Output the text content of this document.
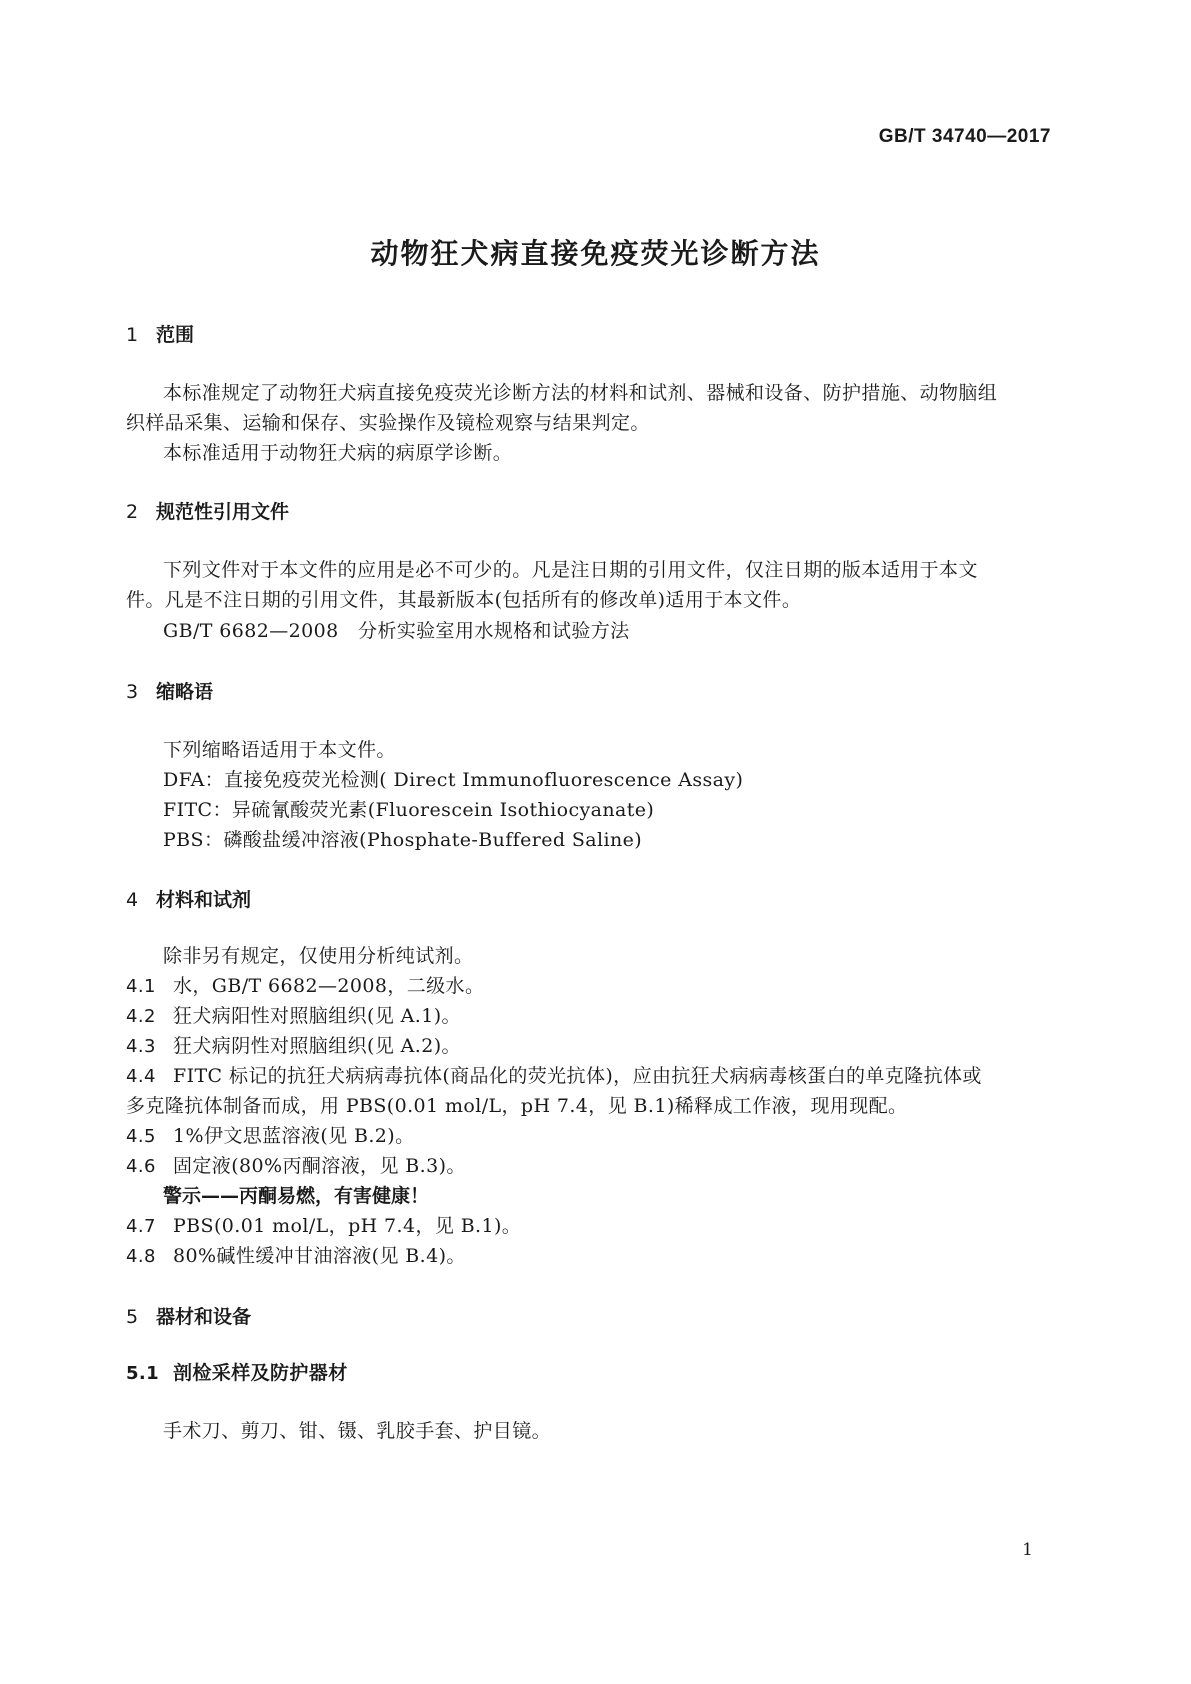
GB/T 34740—2017
动物狂犬病直接免疫荧光诊断方法
1 范围
本标准规定了动物狂犬病直接免疫荧光诊断方法的材料和试剂、器械和设备、防护措施、动物脑组
织样品采集、运输和保存、实验操作及镜检观察与结果判定。
本标准适用于动物狂犬病的病原学诊断。
2 规范性引用文件
下列文件对于本文件的应用是必不可少的。凡是注日期的引用文件，仅注日期的版本适用于本文
件。凡是不注日期的引用文件，其最新版本(包括所有的修改单)适用于本文件。
GB/T 6682—2008　分析实验室用水规格和试验方法
3 缩略语
下列缩略语适用于本文件。
DFA：直接免疫荧光检测( Direct Immunofluorescence Assay)
FITC：异硫氰酸荧光素(Fluorescein Isothiocyanate)
PBS：磷酸盐缓冲溶液(Phosphate-Buffered Saline)
4 材料和试剂
除非另有规定，仅使用分析纯试剂。
4.1 水，GB/T 6682—2008，二级水。
4.2 狂犬病阳性对照脑组织(见 A.1)。
4.3 狂犬病阴性对照脑组织(见 A.2)。
4.4 FITC 标记的抗狂犬病病毒抗体(商品化的荧光抗体)，应由抗狂犬病病毒核蛋白的单克隆抗体或
多克隆抗体制备而成，用 PBS(0.01 mol/L，pH 7.4，见 B.1)稀释成工作液，现用现配。
4.5 1%伊文思蓝溶液(见 B.2)。
4.6 固定液(80%丙酮溶液，见 B.3)。
警示——丙酮易燃，有害健康！
4.7 PBS(0.01 mol/L，pH 7.4，见 B.1)。
4.8 80%碱性缓冲甘油溶液(见 B.4)。
5 器材和设备
5.1 剖检采样及防护器材
手术刀、剪刀、钳、镊、乳胶手套、护目镜。
1
